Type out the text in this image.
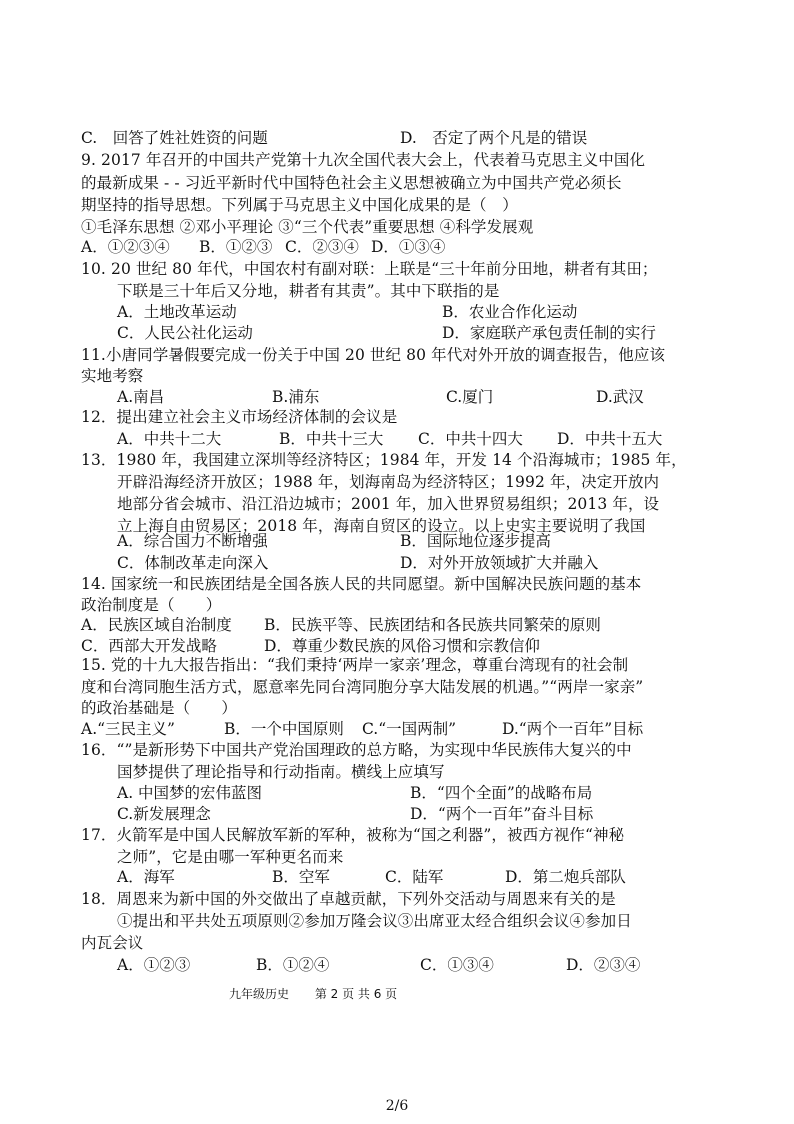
C.　回答了姓社姓资的问题	D.　否定了两个凡是的错误
9. 2017 年召开的中国共产党第十九次全国代表大会上，代表着马克思主义中国化
的最新成果 - - 习近平新时代中国特色社会主义思想被确立为中国共产党必须长
期坚持的指导思想。下列属于马克思主义中国化成果的是（　）
①毛泽东思想 ②邓小平理论 ③“三个代表”重要思想 ④科学发展观
A．①②③④ B．①②③ C．②③④ D．①③④
10. 20 世纪 80 年代，中国农村有副对联：上联是“三十年前分田地，耕者有其田；
下联是三十年后又分地，耕者有其责”。其中下联指的是
A．土地改革运动	B．农业合作化运动
C．人民公社化运动	D．家庭联产承包责任制的实行
11.小唐同学暑假要完成一份关于中国 20 世纪 80 年代对外开放的调查报告，他应该
实地考察
A.南昌	B.浦东	C.厦门	D.武汉
12．提出建立社会主义市场经济体制的会议是
A．中共十二大	B．中共十三大 C．中共十四大 D．中共十五大
13．1980 年，我国建立深圳等经济特区；1984 年，开发 14 个沿海城市；1985 年，
开辟沿海经济开放区；1988 年，划海南岛为经济特区；1992 年，决定开放内
地部分省会城市、沿江沿边城市；2001 年，加入世界贸易组织；2013 年，设
立上海自由贸易区；2018 年，海南自贸区的设立。以上史实主要说明了我国
A．综合国力不断增强	B．国际地位逐步提高
C．体制改革走向深入	D．对外开放领域扩大并融入
14. 国家统一和民族团结是全国各族人民的共同愿望。新中国解决民族问题的基本
政治制度是（　　）
A．民族区域自治制度 B．民族平等、民族团结和各民族共同繁荣的原则
C．西部大开发战略	D．尊重少数民族的风俗习惯和宗教信仰
15. 党的十九大报告指出：“我们秉持‘两岸一家亲’理念，尊重台湾现有的社会制
度和台湾同胞生活方式，愿意率先同台湾同胞分享大陆发展的机遇。”“两岸一家亲”
的政治基础是（　　）
A.“三民主义”	B．一个中国原则 C.“一国两制”	D.“两个一百年”目标
16．“”是新形势下中国共产党治国理政的总方略，为实现中华民族伟大复兴的中
国梦提供了理论指导和行动指南。横线上应填写
A. 中国梦的宏伟蓝图	B．“四个全面”的战略布局
C.新发展理念	D．“两个一百年”奋斗目标
17．火箭军是中国人民解放军新的军种，被称为“国之利器”，被西方视作“神秘
之师”，它是由哪一军种更名而来
A．海军	B．空军	C．陆军	D．第二炮兵部队
18．周恩来为新中国的外交做出了卓越贡献，下列外交活动与周恩来有关的是
①提出和平共处五项原则②参加万隆会议③出席亚太经合组织会议④参加日
内瓦会议
A．①②③	B．①②④	C．①③④	D．②③④
九年级历史 第 2 页 共 6 页
2/6
